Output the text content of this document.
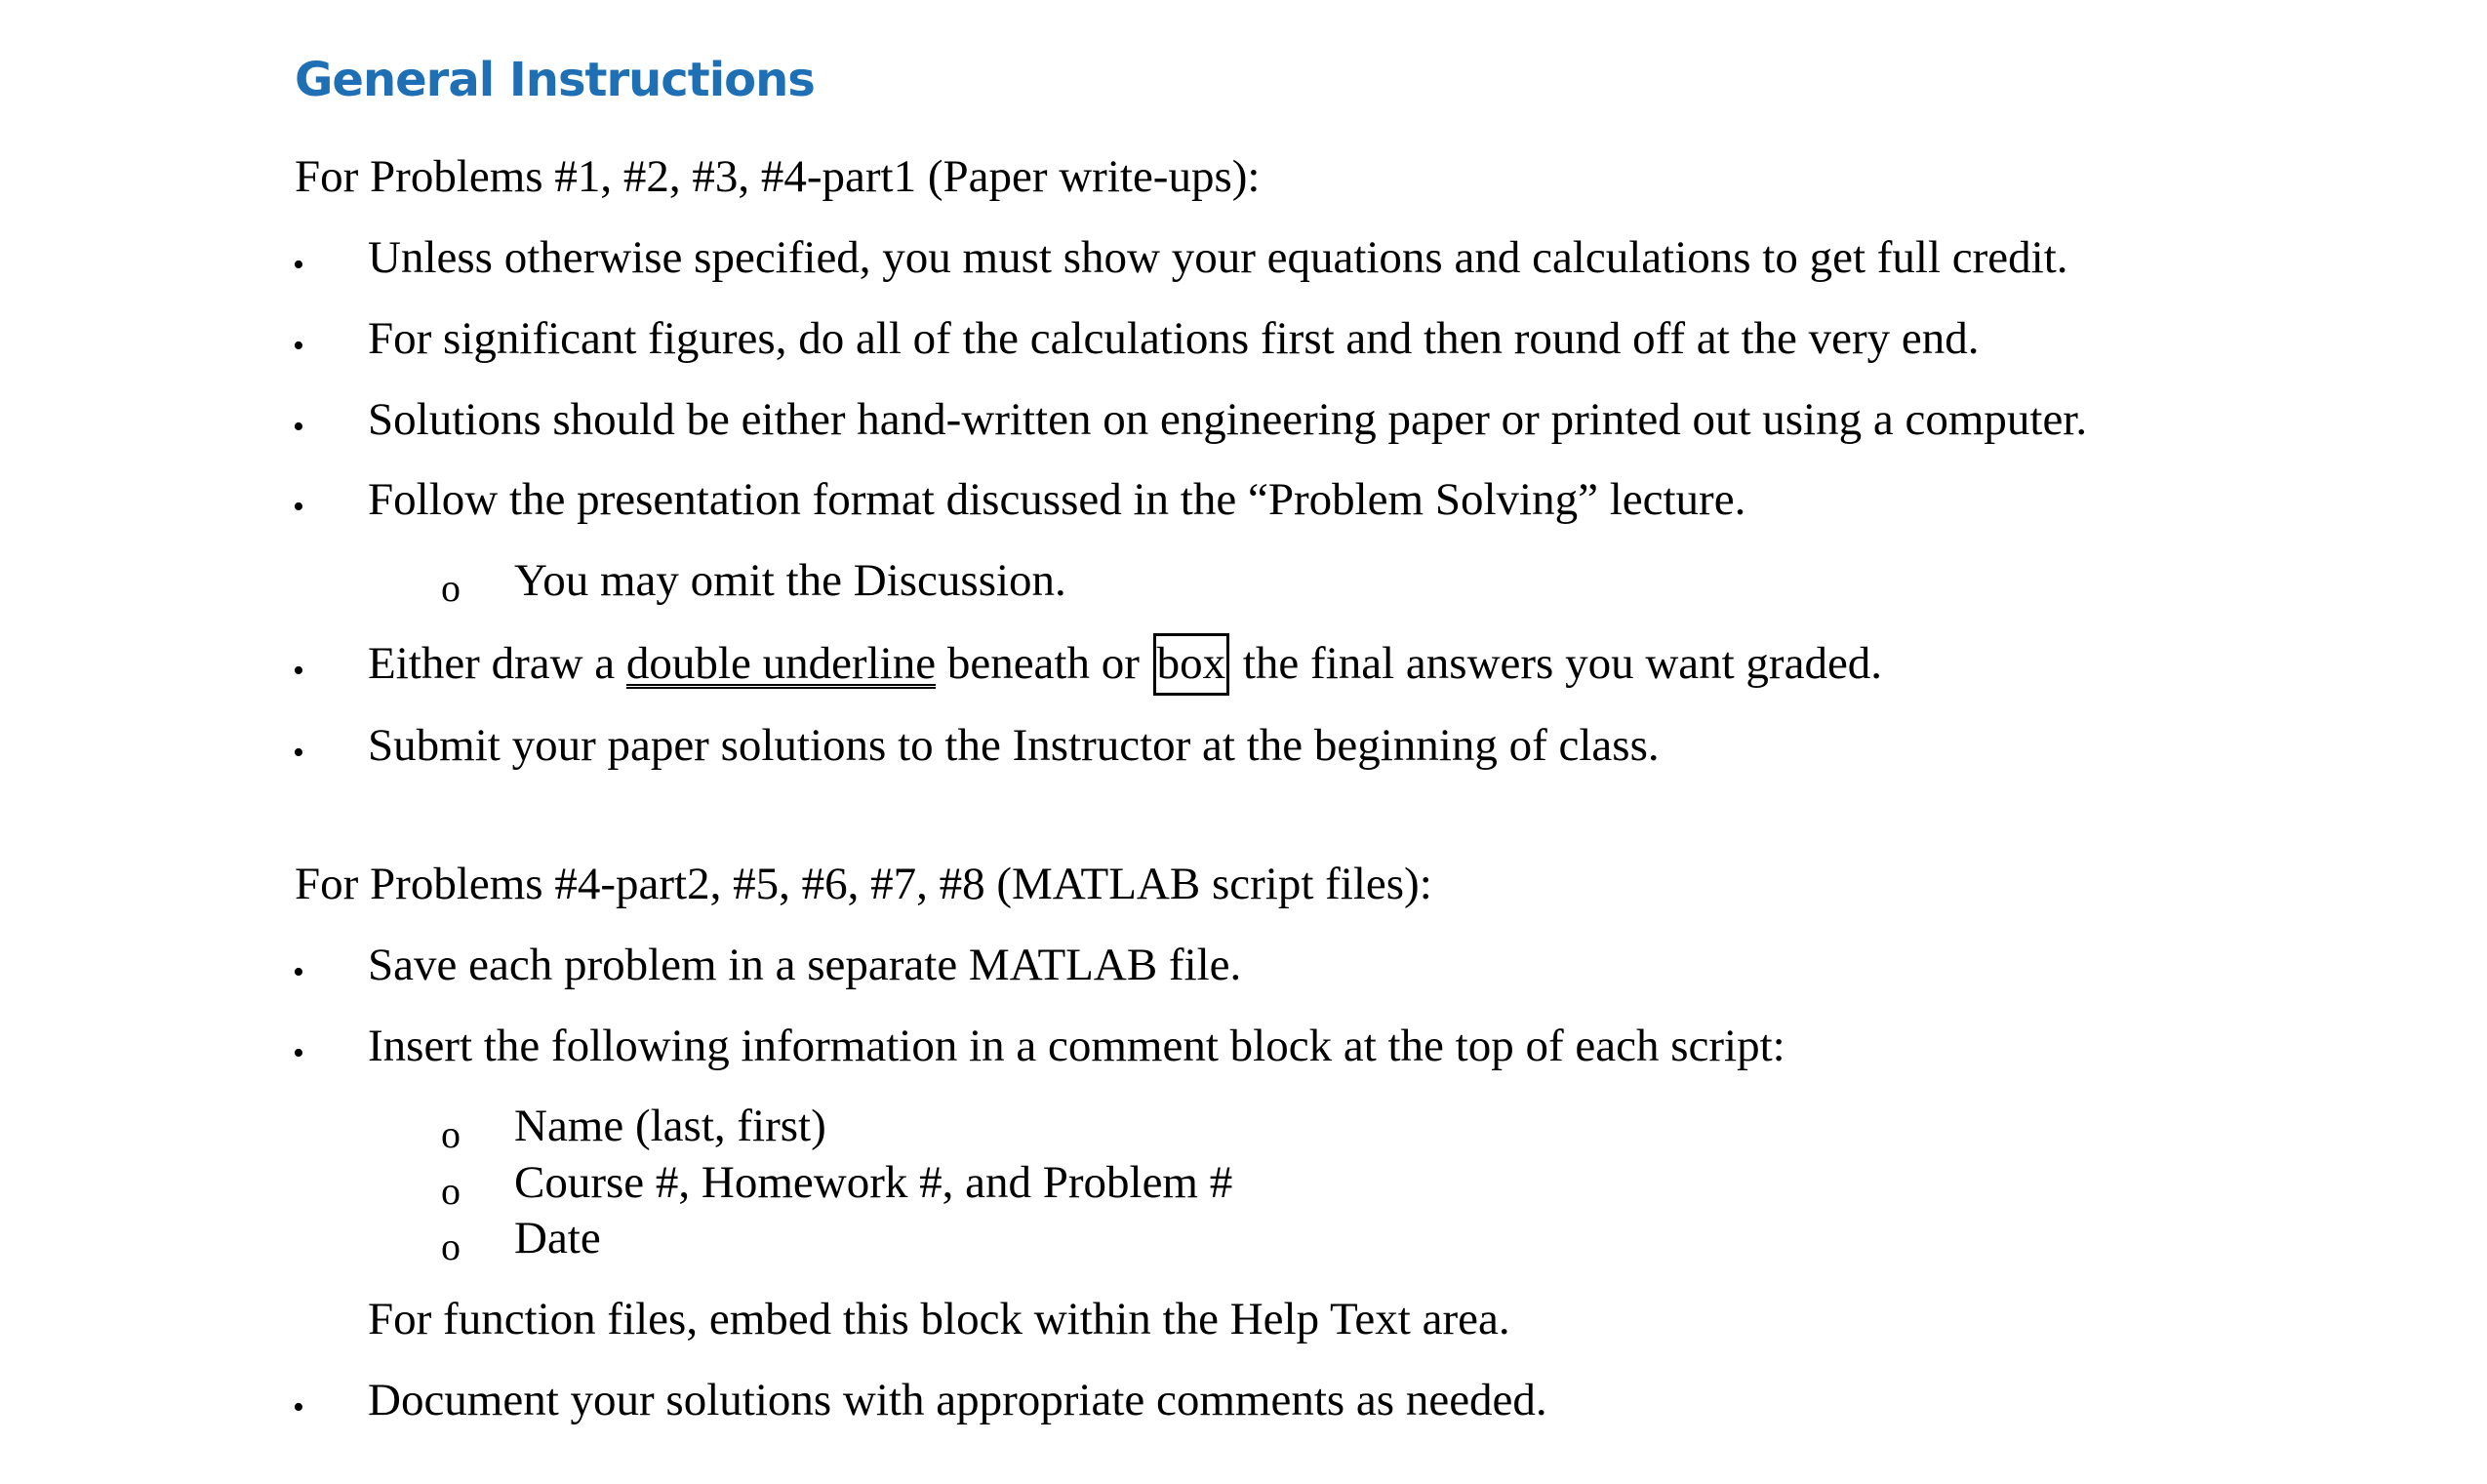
General Instructions
For Problems #1, #2, #3, #4-part1 (Paper write-ups):
• Unless otherwise specified, you must show your equations and calculations to get full credit.
• For significant figures, do all of the calculations first and then round off at the very end.
• Solutions should be either hand-written on engineering paper or printed out using a computer.
• Follow the presentation format discussed in the “Problem Solving” lecture.
o You may omit the Discussion.
• Either draw a double underline beneath or box the final answers you want graded.
• Submit your paper solutions to the Instructor at the beginning of class.
For Problems #4-part2, #5, #6, #7, #8 (MATLAB script files):
• Save each problem in a separate MATLAB file.
• Insert the following information in a comment block at the top of each script:
o Name (last, first)
o Course #, Homework #, and Problem #
o Date
For function files, embed this block within the Help Text area.
• Document your solutions with appropriate comments as needed.
